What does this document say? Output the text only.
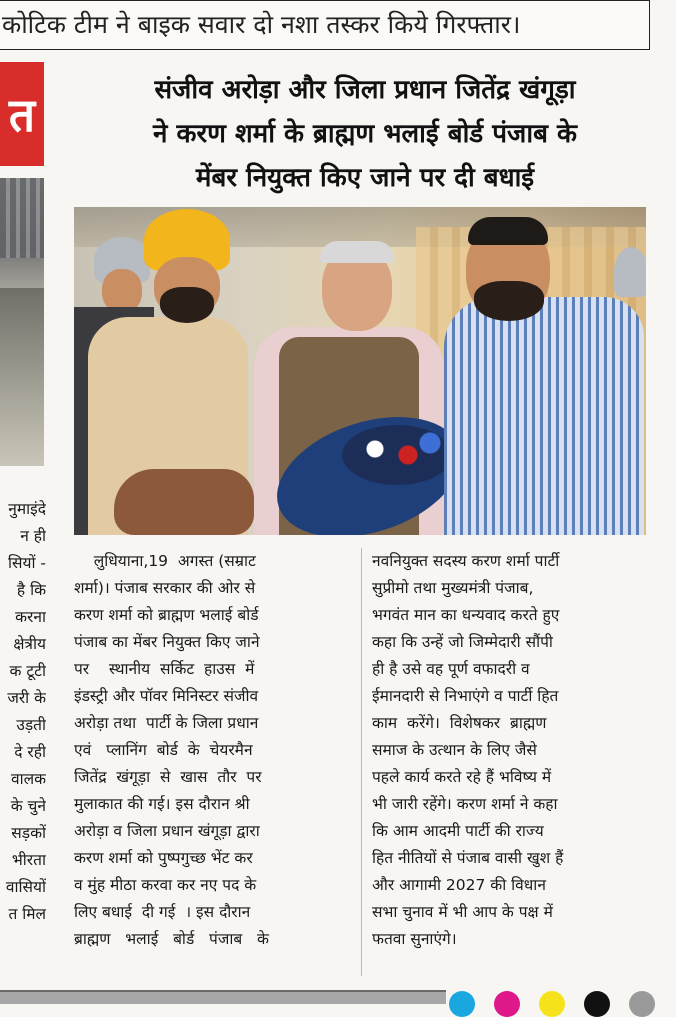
कोटिक टीम ने बाइक सवार दो नशा तस्कर किये गिरफ्तार।
त
नुमाइंदे
न ही
सियों -
है कि
करना
क्षेत्रीय
क टूटी
जरी के
उड़ती
दे रही
वालक
के चुने
सड़कों
भीरता
वासियों
त मिल
संजीव अरोड़ा और जिला प्रधान जितेंद्र खंगूड़ा
ने करण शर्मा के ब्राह्मण भलाई बोर्ड पंजाब के
मेंबर नियुक्त किए जाने पर दी बधाई
लुधियाना,19  अगस्त (सम्राट
शर्मा)। पंजाब सरकार की ओर से
करण शर्मा को ब्राह्मण भलाई बोर्ड
पंजाब का मेंबर नियुक्त किए जाने
पर    स्थानीय  सर्किट  हाउस  में
इंडस्ट्री और पॉवर मिनिस्टर संजीव
अरोड़ा तथा  पार्टी के जिला प्रधान
एवं   प्लानिंग  बोर्ड  के  चेयरमैन
जितेंद्र  खंगूड़ा  से  खास  तौर  पर
मुलाकात की गई। इस दौरान श्री
अरोड़ा व जिला प्रधान खंगूड़ा द्वारा
करण शर्मा को पुष्पगुच्छ भेंट कर
व मुंह मीठा करवा कर नए पद के
लिए बधाई  दी गई  । इस दौरान
ब्राह्मण   भलाई   बोर्ड   पंजाब   के
नवनियुक्त सदस्य करण शर्मा पार्टी
सुप्रीमो तथा मुख्यमंत्री पंजाब,
भगवंत मान का धन्यवाद करते हुए
कहा कि उन्हें जो जिम्मेदारी सौंपी
ही है उसे वह पूर्ण वफादरी व
ईमानदारी से निभाएंगे व पार्टी हित
काम  करेंगे।  विशेषकर  ब्राह्मण
समाज के उत्थान के लिए जैसे
पहले कार्य करते रहे हैं भविष्य में
भी जारी रहेंगे। करण शर्मा ने कहा
कि आम आदमी पार्टी की राज्य
हित नीतियों से पंजाब वासी खुश हैं
और आगामी 2027 की विधान
सभा चुनाव में भी आप के पक्ष में
फतवा सुनाएंगे।
